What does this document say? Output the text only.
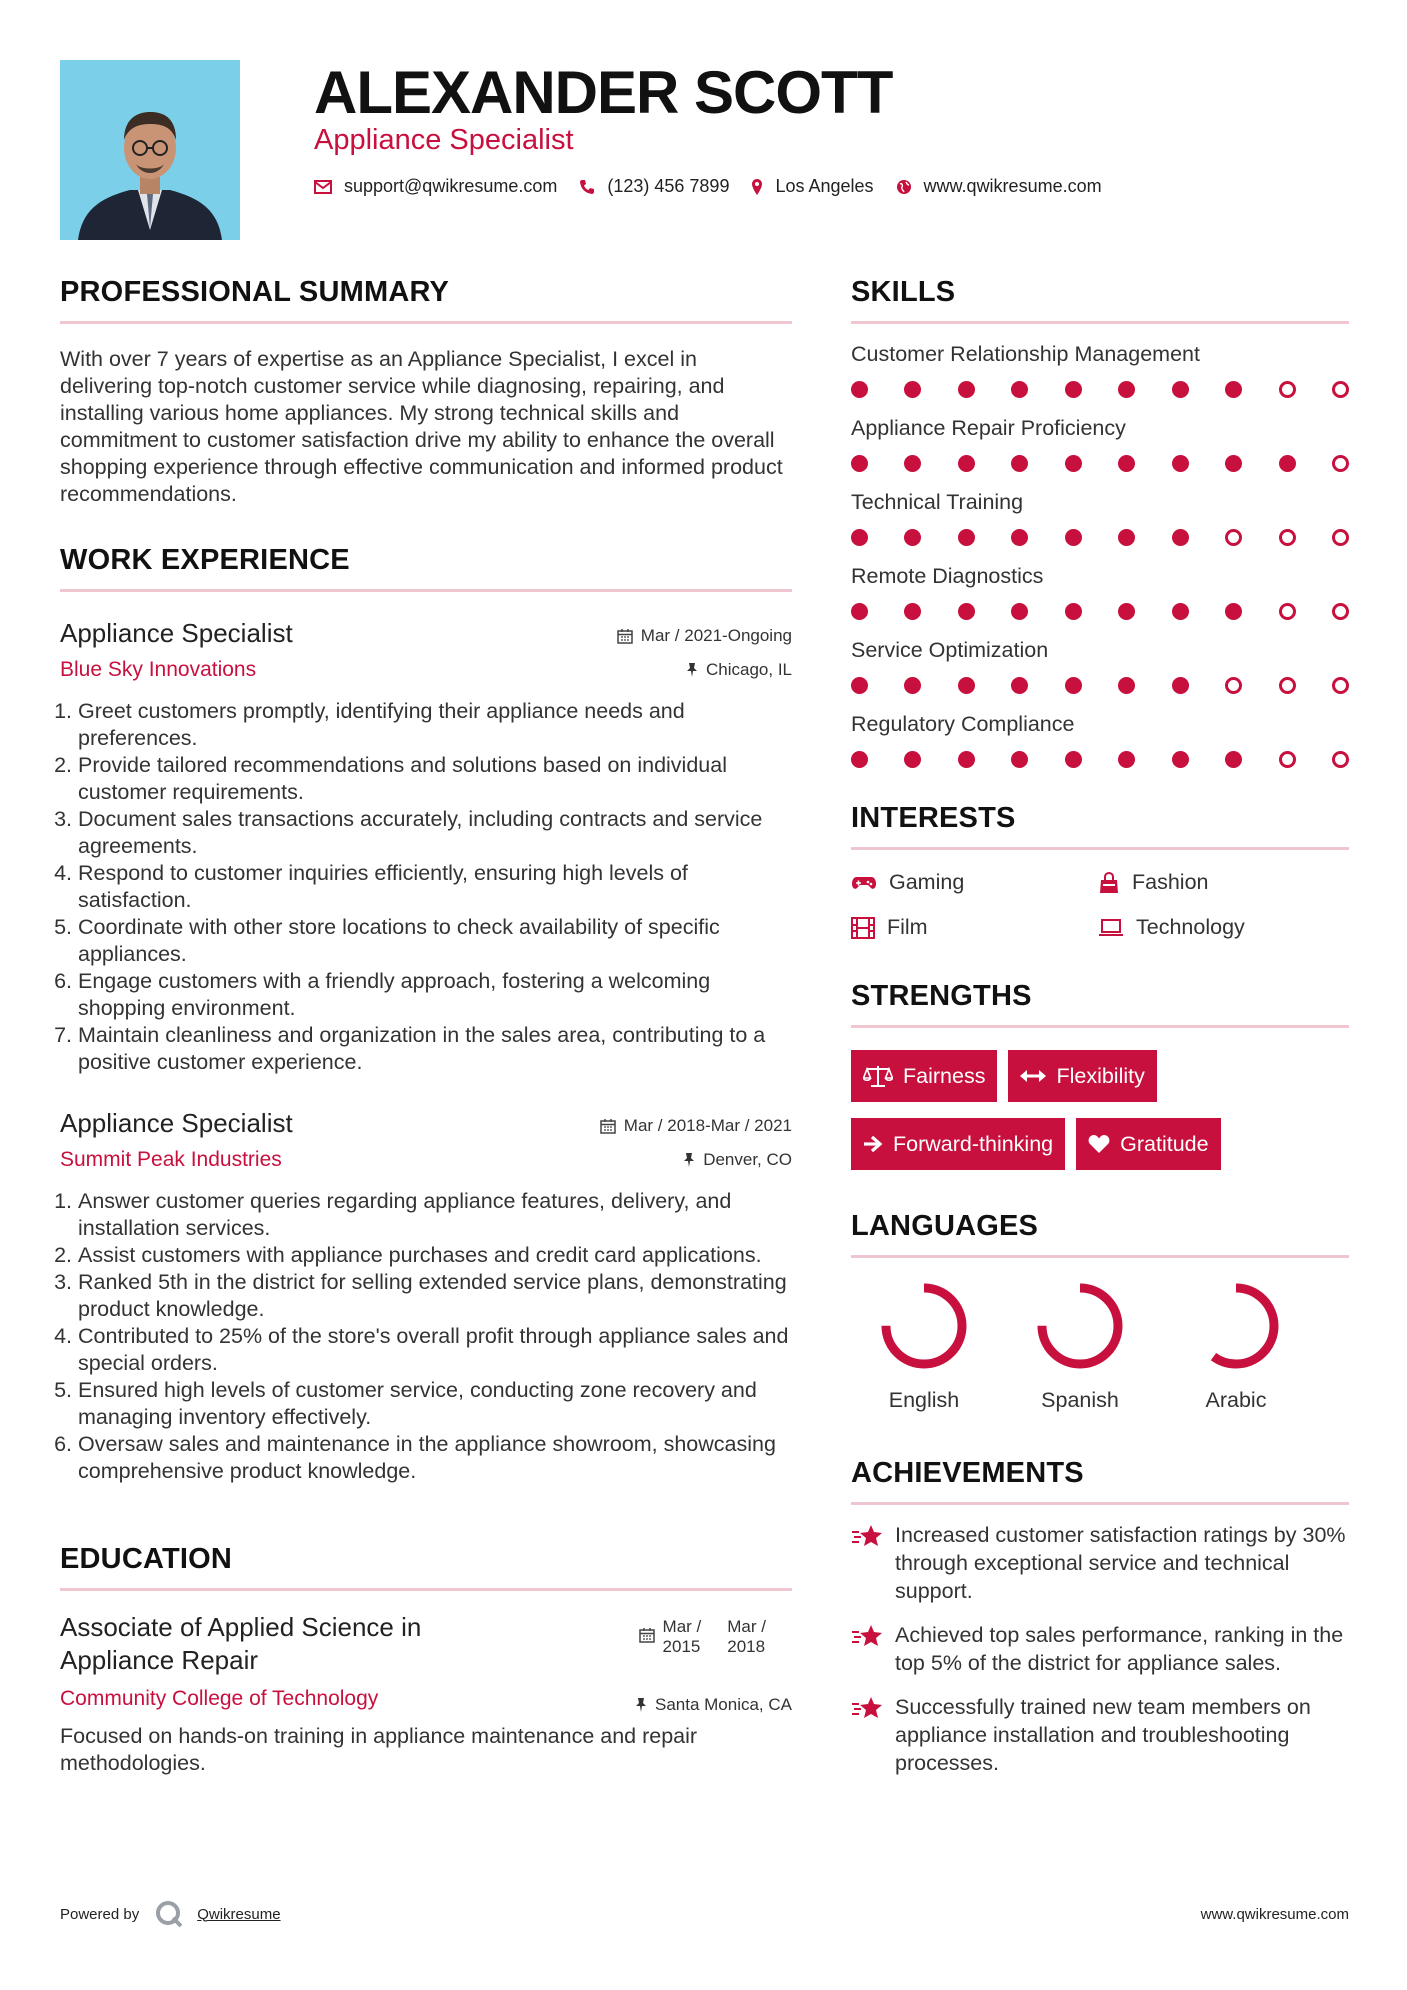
ALEXANDER SCOTT
Appliance Specialist
support@qwikresume.com	(123) 456 7899	Los Angeles	www.qwikresume.com
PROFESSIONAL SUMMARY
With over 7 years of expertise as an Appliance Specialist, I excel in delivering top-notch customer service while diagnosing, repairing, and installing various home appliances. My strong technical skills and commitment to customer satisfaction drive my ability to enhance the overall shopping experience through effective communication and informed product recommendations.
WORK EXPERIENCE
Mar / 2021-Ongoing
Chicago, IL
Appliance Specialist
Blue Sky Innovations
1. Greet customers promptly, identifying their appliance needs and preferences.
2. Provide tailored recommendations and solutions based on individual customer requirements.
3. Document sales transactions accurately, including contracts and service agreements.
4. Respond to customer inquiries efficiently, ensuring high levels of satisfaction.
5. Coordinate with other store locations to check availability of specific appliances.
6. Engage customers with a friendly approach, fostering a welcoming shopping environment.
7. Maintain cleanliness and organization in the sales area, contributing to a positive customer experience.
Mar / 2018-Mar / 2021
Denver, CO
Appliance Specialist
Summit Peak Industries
1. Answer customer queries regarding appliance features, delivery, and installation services.
2. Assist customers with appliance purchases and credit card applications.
3. Ranked 5th in the district for selling extended service plans, demonstrating product knowledge.
4. Contributed to 25% of the store's overall profit through appliance sales and special orders.
5. Ensured high levels of customer service, conducting zone recovery and managing inventory effectively.
6. Oversaw sales and maintenance in the appliance showroom, showcasing comprehensive product knowledge.
EDUCATION
Mar /
2015
Mar /
2018
Santa Monica, CA
Associate of Applied Science in Appliance Repair
Community College of Technology
Focused on hands-on training in appliance maintenance and repair methodologies.
SKILLS
Customer Relationship Management
Appliance Repair Proficiency
Technical Training
Remote Diagnostics
Service Optimization
Regulatory Compliance
INTERESTS
Gaming	Fashion
Film	Technology
STRENGTHS
Fairness	Flexibility
Forward-thinking	Gratitude
LANGUAGES
English	Spanish	Arabic
ACHIEVEMENTS
Increased customer satisfaction ratings by 30% through exceptional service and technical support.
Achieved top sales performance, ranking in the top 5% of the district for appliance sales.
Successfully trained new team members on appliance installation and troubleshooting processes.
Powered by	Qwikresume	www.qwikresume.com
